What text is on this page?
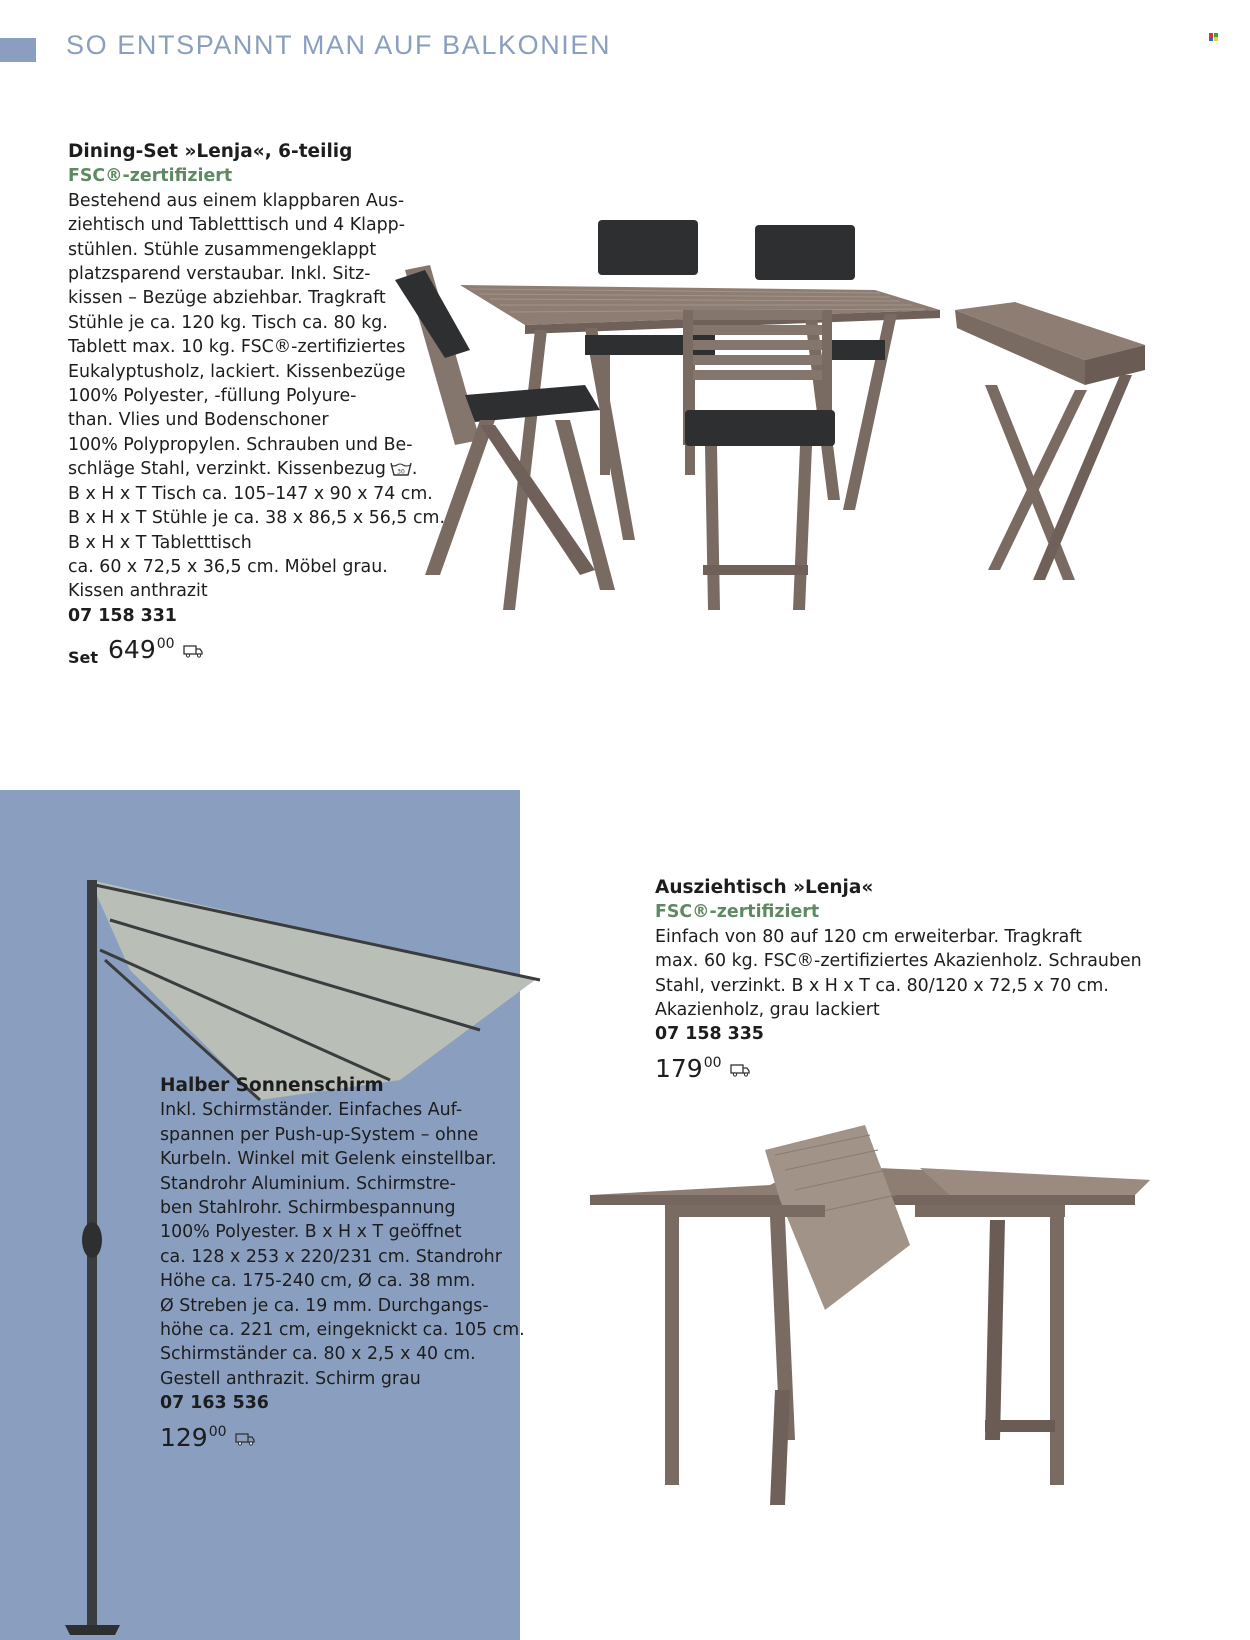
SO ENTSPANNT MAN AUF BALKONIEN
Dining-Set »Lenja«, 6-teilig
FSC®-zertifiziert
Bestehend aus einem klappbaren Aus-
ziehtisch und Tabletttisch und 4 Klapp-
stühlen. Stühle zusammengeklappt
platzsparend verstaubar. Inkl. Sitz-
kissen – Bezüge abziehbar. Tragkraft
Stühle je ca. 120 kg. Tisch ca. 80 kg.
Tablett max. 10 kg. FSC®-zertifiziertes
Eukalyptusholz, lackiert. Kissenbezüge
100% Polyester, -füllung Polyure-
than. Vlies und Bodenschoner
100% Polypropylen. Schrauben und Be-
schläge Stahl, verzinkt. Kissenbezug 30 .
B x H x T Tisch ca. 105–147 x 90 x 74 cm.
B x H x T Stühle je ca. 38 x 86,5 x 56,5 cm.
B x H x T Tabletttisch
ca. 60 x 72,5 x 36,5 cm. Möbel grau.
Kissen anthrazit
07 158 331
Set 649 00
Halber Sonnenschirm
Inkl. Schirmständer. Einfaches Auf-
spannen per Push-up-System – ohne
Kurbeln. Winkel mit Gelenk einstellbar.
Standrohr Aluminium. Schirmstre-
ben Stahlrohr. Schirmbespannung
100% Polyester. B x H x T geöffnet
ca. 128 x 253 x 220/231 cm. Standrohr
Höhe ca. 175-240 cm, Ø ca. 38 mm.
Ø Streben je ca. 19 mm. Durchgangs-
höhe ca. 221 cm, eingeknickt ca. 105 cm.
Schirmständer ca. 80 x 2,5 x 40 cm.
Gestell anthrazit. Schirm grau
07 163 536
129 00
Ausziehtisch »Lenja«
FSC®-zertifiziert
Einfach von 80 auf 120 cm erweiterbar. Tragkraft
max. 60 kg. FSC®-zertifiziertes Akazienholz. Schrauben
Stahl, verzinkt. B x H x T ca. 80/120 x 72,5 x 70 cm.
Akazienholz, grau lackiert
07 158 335
179 00
